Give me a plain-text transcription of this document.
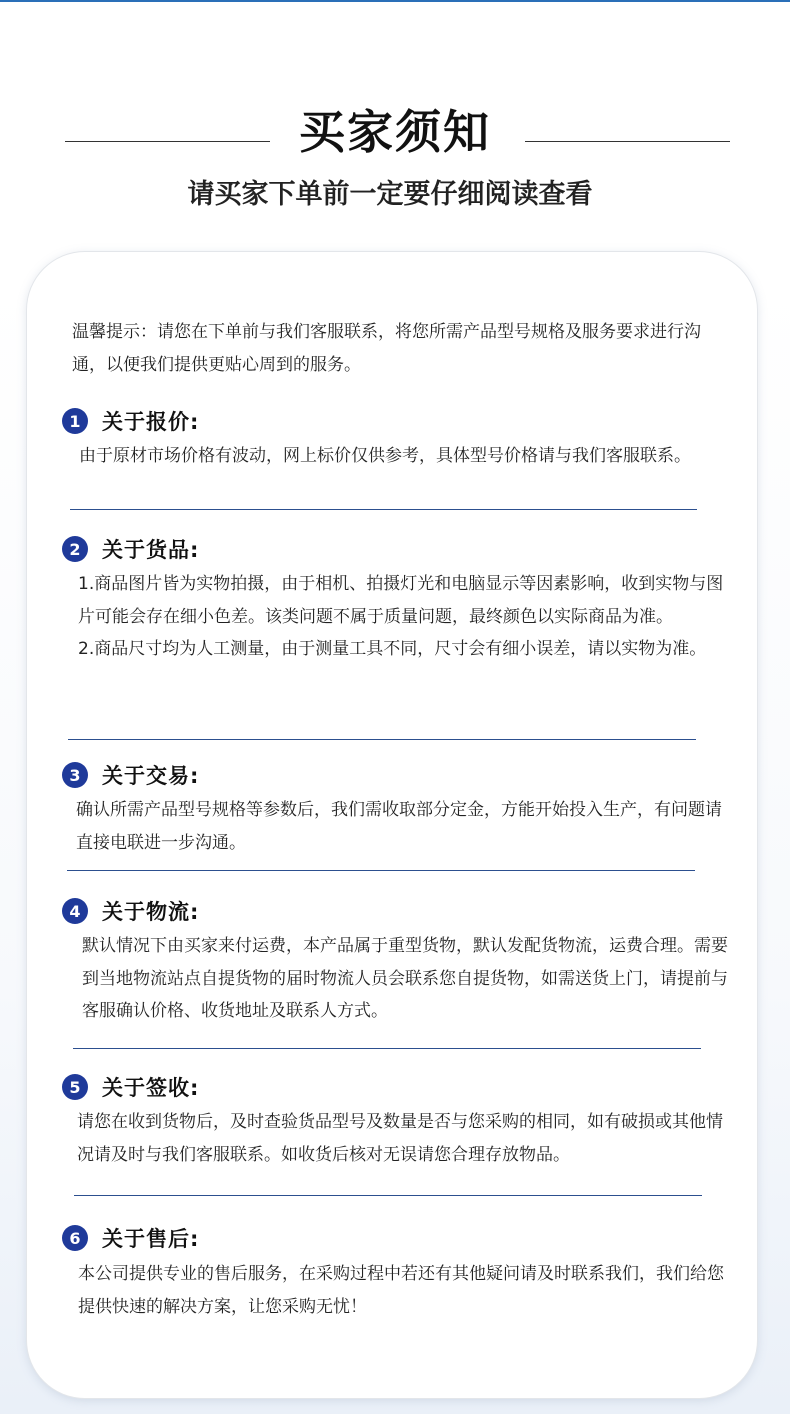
买家须知
请买家下单前一定要仔细阅读查看
温馨提示：请您在下单前与我们客服联系，将您所需产品型号规格及服务要求进行沟通，以便我们提供更贴心周到的服务。
1	关于报价:

由于原材市场价格有波动，网上标价仅供参考，具体型号价格请与我们客服联系。

2	关于货品:

1.商品图片皆为实物拍摄，由于相机、拍摄灯光和电脑显示等因素影响，收到实物与图片可能会存在细小色差。该类问题不属于质量问题，最终颜色以实际商品为准。

2.商品尺寸均为人工测量，由于测量工具不同，尺寸会有细小误差，请以实物为准。

3	关于交易:

确认所需产品型号规格等参数后，我们需收取部分定金，方能开始投入生产，有问题请直接电联进一步沟通。

4	关于物流:

默认情况下由买家来付运费，本产品属于重型货物，默认发配货物流，运费合理。需要到当地物流站点自提货物的届时物流人员会联系您自提货物，如需送货上门，请提前与客服确认价格、收货地址及联系人方式。

5	关于签收:

请您在收到货物后，及时查验货品型号及数量是否与您采购的相同，如有破损或其他情况请及时与我们客服联系。如收货后核对无误请您合理存放物品。

6	关于售后:

本公司提供专业的售后服务，在采购过程中若还有其他疑问请及时联系我们，我们给您提供快速的解决方案，让您采购无忧！
